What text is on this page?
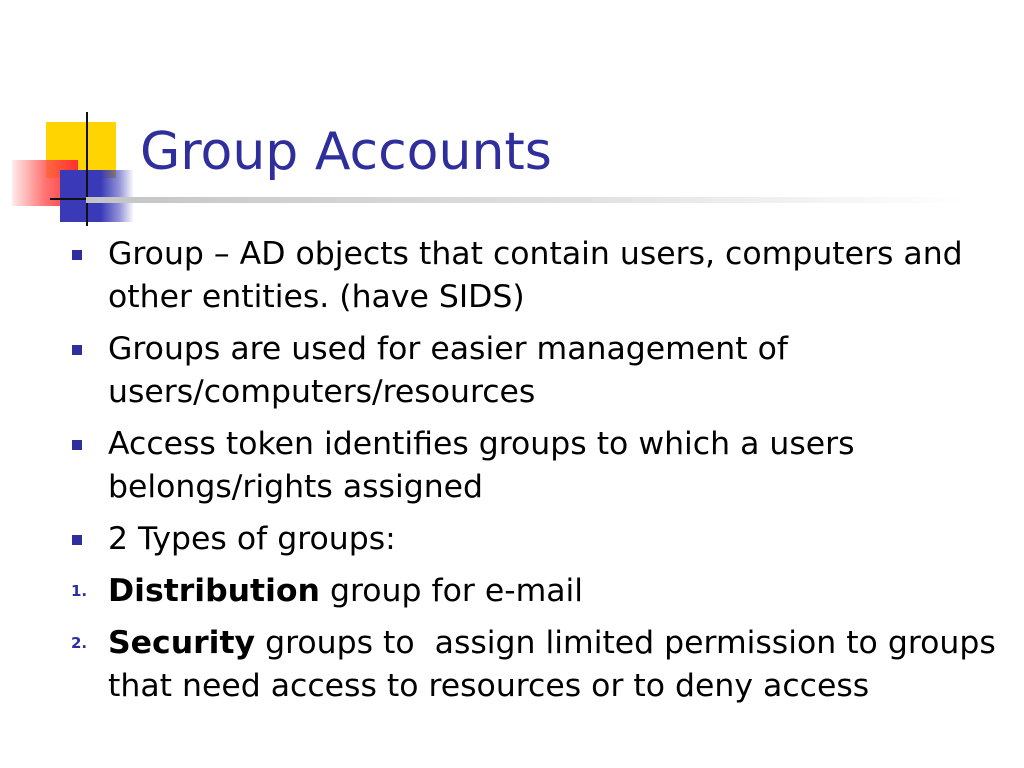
Group Accounts
Group – AD objects that contain users, computers and other entities. (have SIDS)
Groups are used for easier management of users/computers/resources
Access token identifies groups to which a users belongs/rights assigned
2 Types of groups:
1. Distribution group for e-mail
2. Security groups to  assign limited permission to groups that need access to resources or to deny access
